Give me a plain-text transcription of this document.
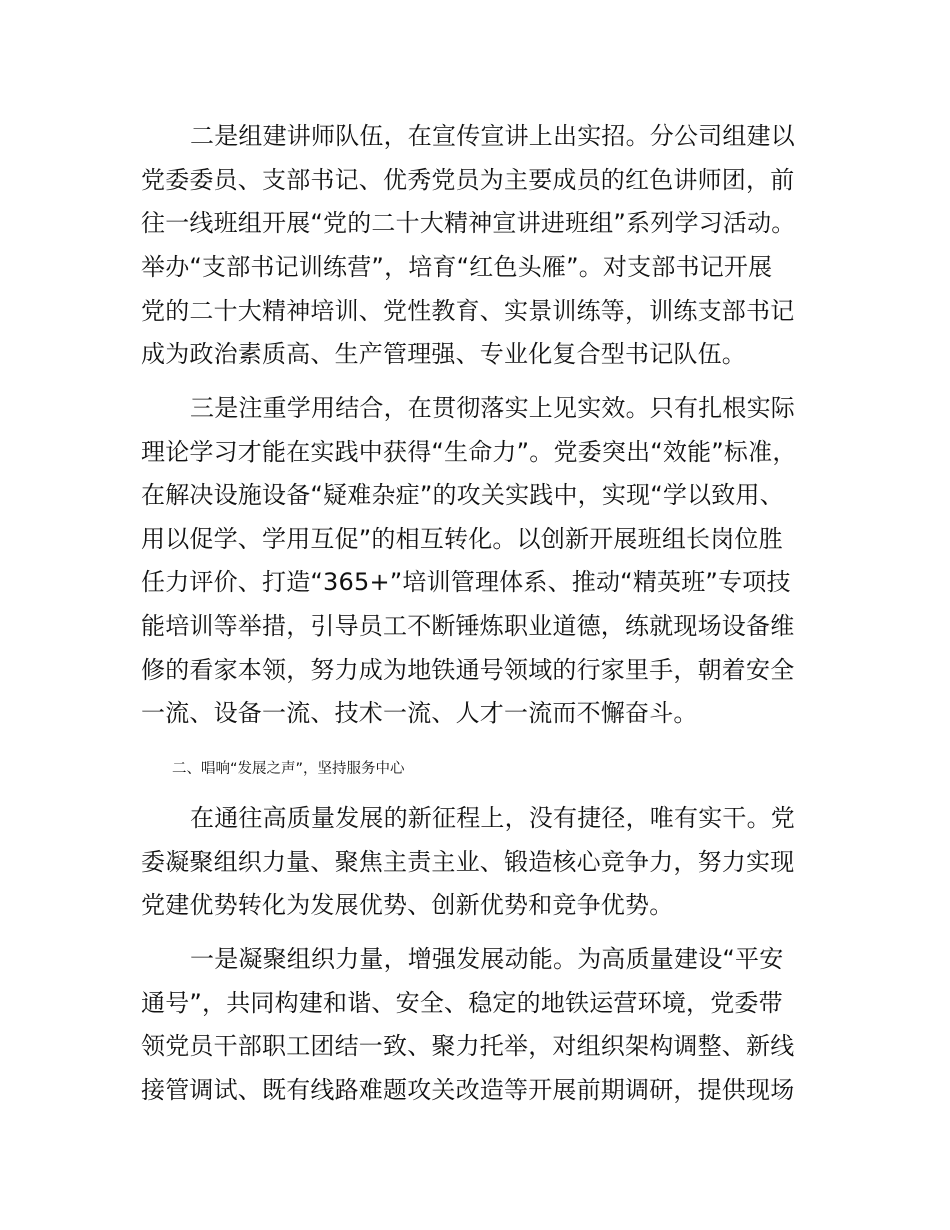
二是组建讲师队伍，在宣传宣讲上出实招。分公司组建以
党委委员、支部书记、优秀党员为主要成员的红色讲师团，前
往一线班组开展“党的二十大精神宣讲进班组”系列学习活动。
举办“支部书记训练营”，培育“红色头雁”。对支部书记开展
党的二十大精神培训、党性教育、实景训练等，训练支部书记
成为政治素质高、生产管理强、专业化复合型书记队伍。
三是注重学用结合，在贯彻落实上见实效。只有扎根实际
理论学习才能在实践中获得“生命力”。党委突出“效能”标准，
在解决设施设备“疑难杂症”的攻关实践中，实现“学以致用、
用以促学、学用互促”的相互转化。以创新开展班组长岗位胜
任力评价、打造“365+”培训管理体系、推动“精英班”专项技
能培训等举措，引导员工不断锤炼职业道德，练就现场设备维
修的看家本领，努力成为地铁通号领域的行家里手，朝着安全
一流、设备一流、技术一流、人才一流而不懈奋斗。
二、唱响“发展之声”，坚持服务中心
在通往高质量发展的新征程上，没有捷径，唯有实干。党
委凝聚组织力量、聚焦主责主业、锻造核心竞争力，努力实现
党建优势转化为发展优势、创新优势和竞争优势。
一是凝聚组织力量，增强发展动能。为高质量建设“平安
通号”，共同构建和谐、安全、稳定的地铁运营环境，党委带
领党员干部职工团结一致、聚力托举，对组织架构调整、新线
接管调试、既有线路难题攻关改造等开展前期调研，提供现场
